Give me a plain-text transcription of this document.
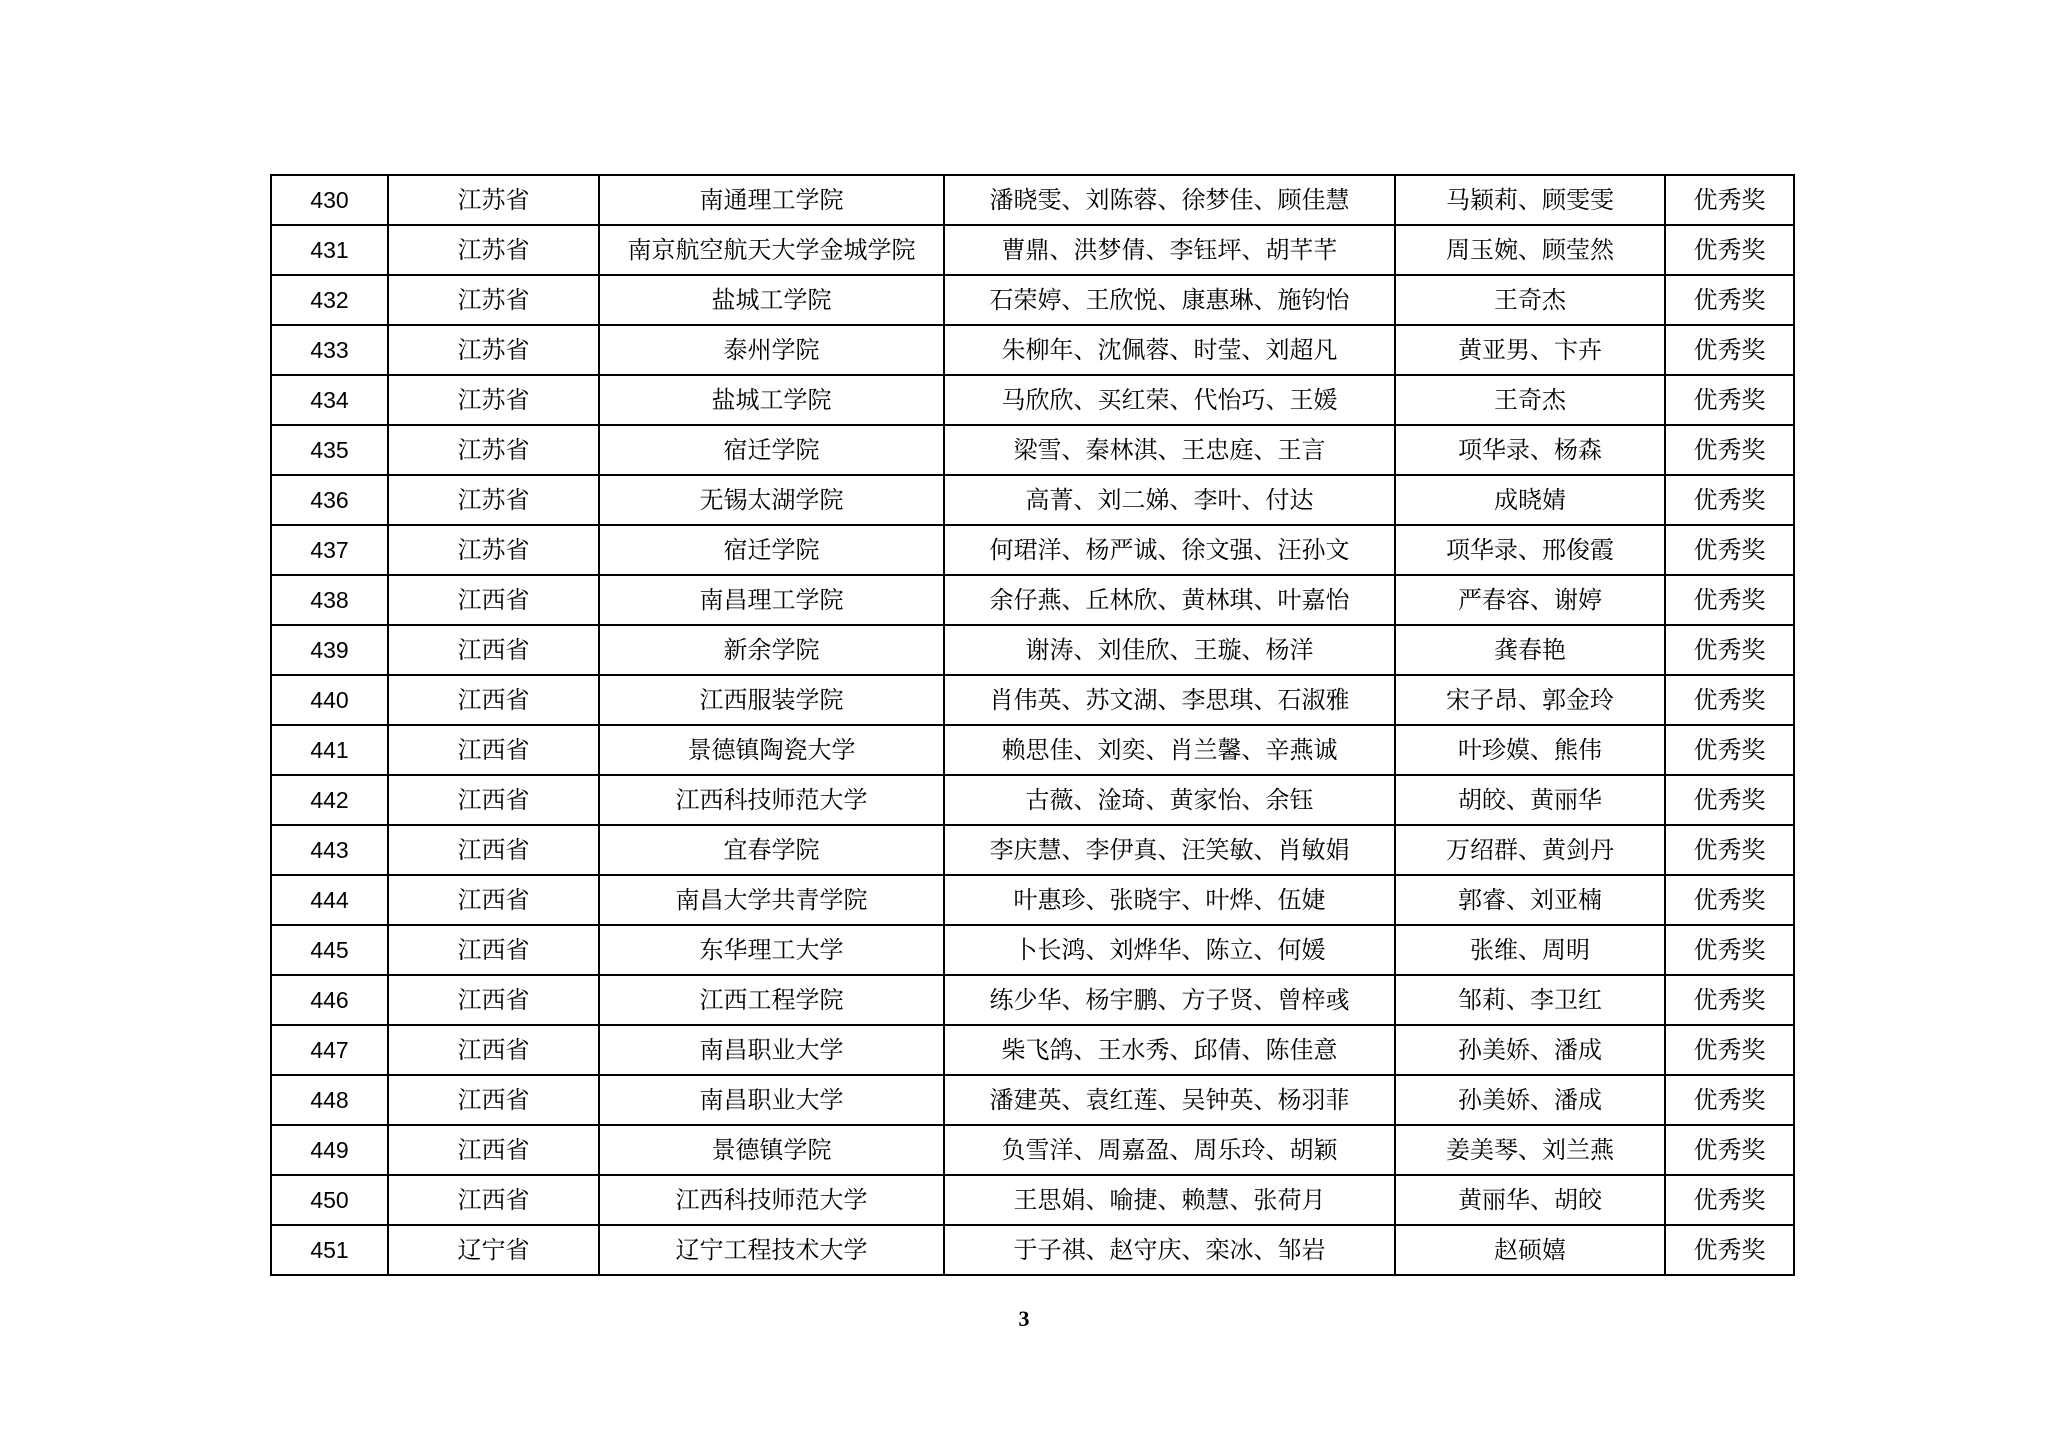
430	江苏省	南通理工学院	潘晓雯、刘陈蓉、徐梦佳、顾佳慧	马颖莉、顾雯雯	优秀奖
431	江苏省	南京航空航天大学金城学院	曹鼎、洪梦倩、李钰坪、胡芊芊	周玉婉、顾莹然	优秀奖
432	江苏省	盐城工学院	石荣婷、王欣悦、康惠琳、施钧怡	王奇杰	优秀奖
433	江苏省	泰州学院	朱柳年、沈佩蓉、时莹、刘超凡	黄亚男、卞卉	优秀奖
434	江苏省	盐城工学院	马欣欣、买红荣、代怡巧、王媛	王奇杰	优秀奖
435	江苏省	宿迁学院	梁雪、秦林淇、王忠庭、王言	项华录、杨森	优秀奖
436	江苏省	无锡太湖学院	高菁、刘二娣、李叶、付达	成晓婧	优秀奖
437	江苏省	宿迁学院	何珺洋、杨严诚、徐文强、汪孙文	项华录、邢俊霞	优秀奖
438	江西省	南昌理工学院	余仔燕、丘林欣、黄林琪、叶嘉怡	严春容、谢婷	优秀奖
439	江西省	新余学院	谢涛、刘佳欣、王璇、杨洋	龚春艳	优秀奖
440	江西省	江西服装学院	肖伟英、苏文湖、李思琪、石淑雅	宋子昂、郭金玲	优秀奖
441	江西省	景德镇陶瓷大学	赖思佳、刘奕、肖兰馨、辛燕诚	叶珍嫫、熊伟	优秀奖
442	江西省	江西科技师范大学	古薇、淦琦、黄家怡、余钰	胡皎、黄丽华	优秀奖
443	江西省	宜春学院	李庆慧、李伊真、汪笑敏、肖敏娟	万绍群、黄剑丹	优秀奖
444	江西省	南昌大学共青学院	叶惠珍、张晓宇、叶烨、伍婕	郭睿、刘亚楠	优秀奖
445	江西省	东华理工大学	卜长鸿、刘烨华、陈立、何媛	张维、周明	优秀奖
446	江西省	江西工程学院	练少华、杨宇鹏、方子贤、曾梓彧	邹莉、李卫红	优秀奖
447	江西省	南昌职业大学	柴飞鸽、王水秀、邱倩、陈佳意	孙美娇、潘成	优秀奖
448	江西省	南昌职业大学	潘建英、袁红莲、吴钟英、杨羽菲	孙美娇、潘成	优秀奖
449	江西省	景德镇学院	负雪洋、周嘉盈、周乐玲、胡颖	姜美琴、刘兰燕	优秀奖
450	江西省	江西科技师范大学	王思娟、喻捷、赖慧、张荷月	黄丽华、胡皎	优秀奖
451	辽宁省	辽宁工程技术大学	于子祺、赵守庆、栾冰、邹岩	赵硕嬉	优秀奖
3
